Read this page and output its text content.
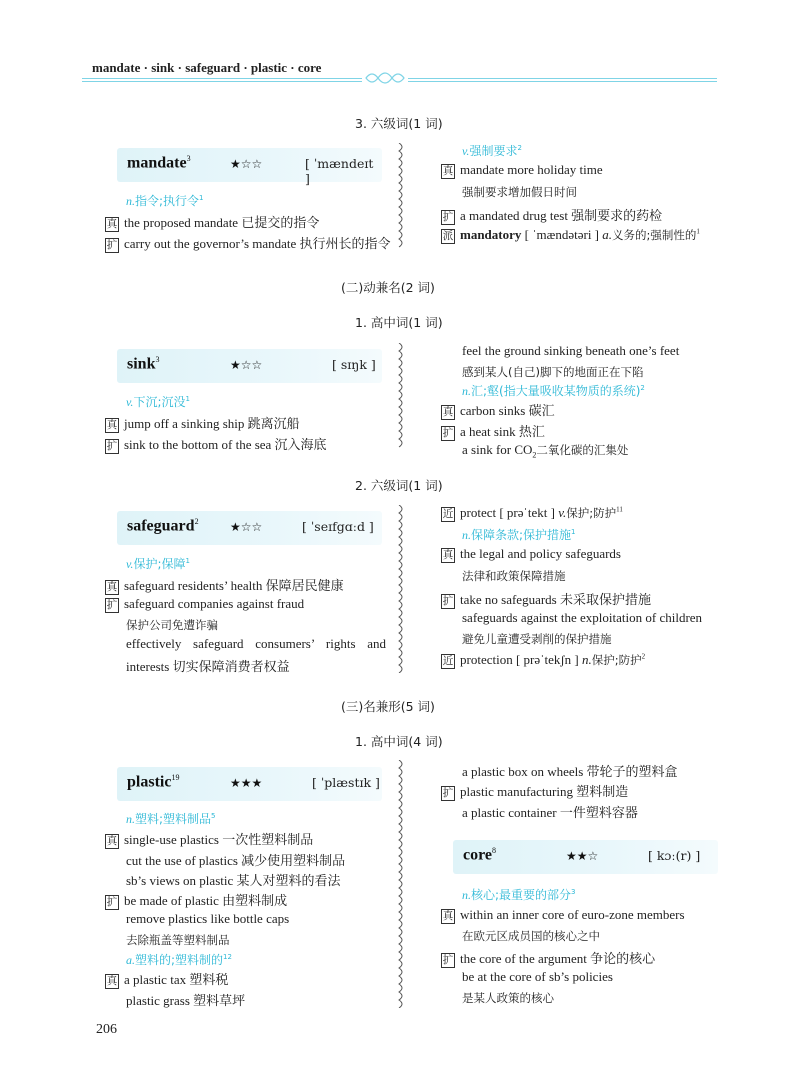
mandate · sink · safeguard · plastic · core
3. 六级词(1 词)
mandate$^3$	★☆☆	[ ˈmændeɪt ]
n.指令;执行令$^1$
真 the proposed mandate 已提交的指令
扩 carry out the governor’s mandate 执行州长的指令
v.强制要求$^2$
真 mandate more holiday time
强制要求增加假日时间
扩 a mandated drug test 强制要求的药检
派 mandatory [ ˈmændətəri ] a.义务的;强制性的$^1$
(二)动兼名(2 词)
1. 高中词(1 词)
sink$^3$	★☆☆	[ sɪŋk ]
v.下沉;沉没$^1$
真 jump off a sinking ship 跳离沉船
扩 sink to the bottom of the sea 沉入海底
feel the ground sinking beneath one’s feet
感到某人(自己)脚下的地面正在下陷
n.汇;壑(指大量吸收某物质的系统)$^2$
真 carbon sinks 碳汇
扩 a heat sink 热汇
a sink for $CO_2$二氧化碳的汇集处
2. 六级词(1 词)
safeguard$^2$	★☆☆	[ ˈseɪfgɑːd ]
v.保护;保障$^1$
真 safeguard residents’ health 保障居民健康
扩 safeguard companies against fraud
保护公司免遭诈骗
effectively safeguard consumers’ rights and
interests 切实保障消费者权益
近 protect [ prəˈtekt ] v.保护;防护$^{11}$
n.保障条款;保护措施$^1$
真 the legal and policy safeguards
法律和政策保障措施
扩 take no safeguards 未采取保护措施
safeguards against the exploitation of children
避免儿童遭受剥削的保护措施
近 protection [ prəˈtekʃn ] n.保护;防护$^2$
(三)名兼形(5 词)
1. 高中词(4 词)
plastic$^{19}$	★★★	[ ˈplæstɪk ]
n.塑料;塑料制品$^5$
真 single-use plastics 一次性塑料制品
cut the use of plastics 减少使用塑料制品
sb’s views on plastic 某人对塑料的看法
扩 be made of plastic 由塑料制成
remove plastics like bottle caps
去除瓶盖等塑料制品
a.塑料的;塑料制的$^{12}$
真 a plastic tax 塑料税
plastic grass 塑料草坪
a plastic box on wheels 带轮子的塑料盒
扩 plastic manufacturing 塑料制造
a plastic container 一件塑料容器
core$^8$	★★☆	[ kɔː(r) ]
n.核心;最重要的部分$^3$
真 within an inner core of euro-zone members
在欧元区成员国的核心之中
扩 the core of the argument 争论的核心
be at the core of sb’s policies
是某人政策的核心
206
